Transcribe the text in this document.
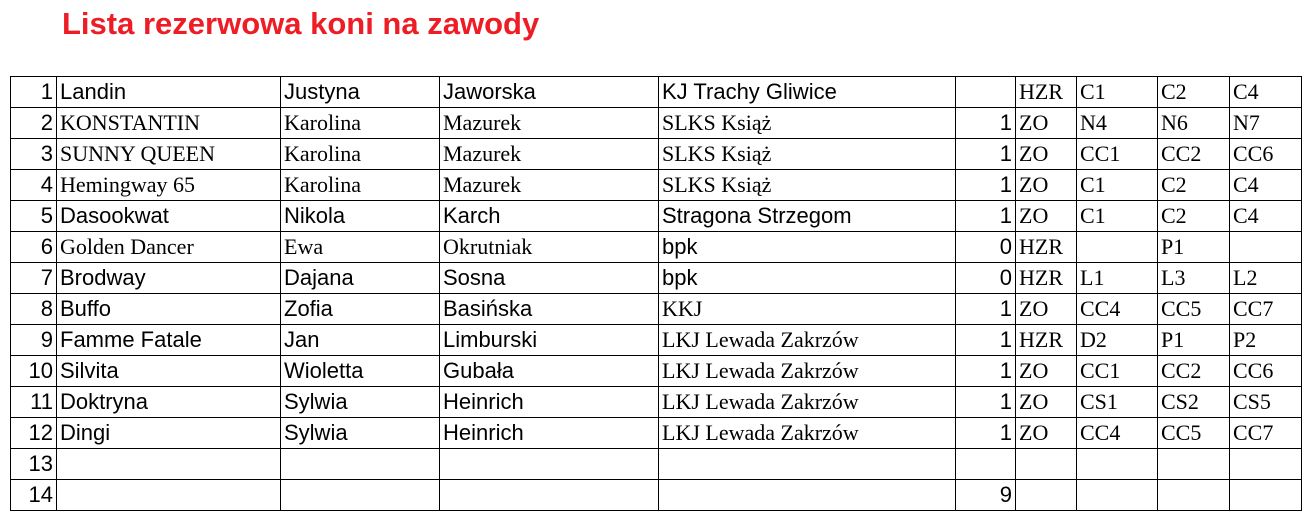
Lista rezerwowa koni na zawody
1	Landin	Justyna	Jaworska	KJ Trachy Gliwice		HZR	C1	C2	C4
2	KONSTANTIN	Karolina	Mazurek	SLKS Książ	1	ZO	N4	N6	N7
3	SUNNY QUEEN	Karolina	Mazurek	SLKS Książ	1	ZO	CC1	CC2	CC6
4	Hemingway 65	Karolina	Mazurek	SLKS Książ	1	ZO	C1	C2	C4
5	Dasookwat	Nikola	Karch	Stragona Strzegom	1	ZO	C1	C2	C4
6	Golden Dancer	Ewa	Okrutniak	bpk	0	HZR		P1	
7	Brodway	Dajana	Sosna	bpk	0	HZR	L1	L3	L2
8	Buffo	Zofia	Basińska	KKJ	1	ZO	CC4	CC5	CC7
9	Famme Fatale	Jan	Limburski	LKJ Lewada Zakrzów	1	HZR	D2	P1	P2
10	Silvita	Wioletta	Gubała	LKJ Lewada Zakrzów	1	ZO	CC1	CC2	CC6
11	Doktryna	Sylwia	Heinrich	LKJ Lewada Zakrzów	1	ZO	CS1	CS2	CS5
12	Dingi	Sylwia	Heinrich	LKJ Lewada Zakrzów	1	ZO	CC4	CC5	CC7
13									
14					9				
